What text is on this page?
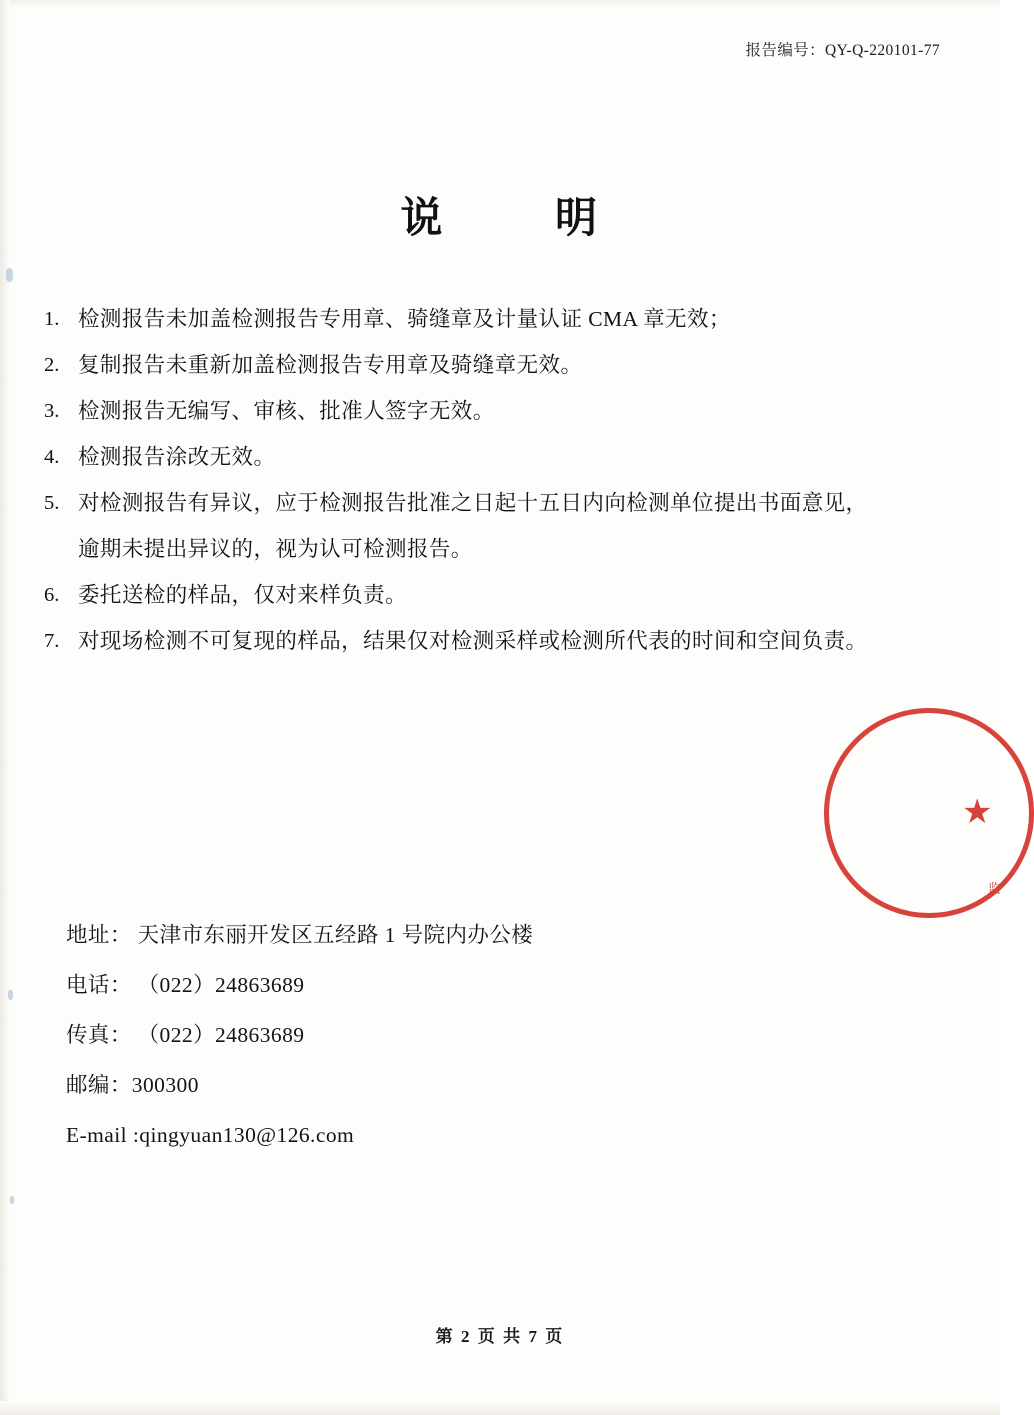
报告编号：QY-Q-220101-77
说	明
1. 检测报告未加盖检测报告专用章、骑缝章及计量认证 CMA 章无效；
2. 复制报告未重新加盖检测报告专用章及骑缝章无效。
3. 检测报告无编写、审核、批准人签字无效。
4. 检测报告涂改无效。
5. 对检测报告有异议，应于检测报告批准之日起十五日内向检测单位提出书面意见，
逾期未提出异议的，视为认可检测报告。
6. 委托送检的样品，仅对来样负责。
7. 对现场检测不可复现的样品，结果仅对检测采样或检测所代表的时间和空间负责。
★
监
地址： 天津市东丽开发区五经路 1 号院内办公楼
电话： （022）24863689
传真： （022）24863689
邮编：300300
E-mail :qingyuan130@126.com
第 2 页 共 7 页
